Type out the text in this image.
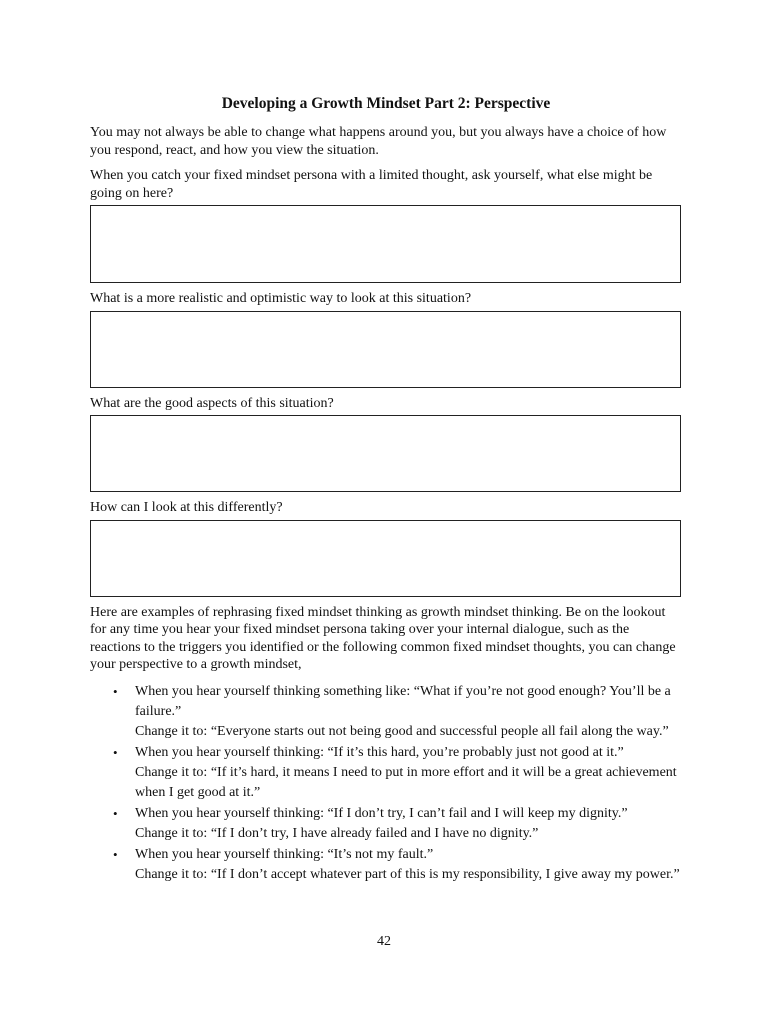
Developing a Growth Mindset Part 2: Perspective

You may not always be able to change what happens around you, but you always have a choice of how you respond, react, and how you view the situation.

When you catch your fixed mindset persona with a limited thought, ask yourself, what else might be going on here?

What is a more realistic and optimistic way to look at this situation?

What are the good aspects of this situation?

How can I look at this differently?

Here are examples of rephrasing fixed mindset thinking as growth mindset thinking. Be on the lookout for any time you hear your fixed mindset persona taking over your internal dialogue, such as the reactions to the triggers you identified or the following common fixed mindset thoughts, you can change your perspective to a growth mindset,

• When you hear yourself thinking something like: “What if you’re not good enough? You’ll be a failure.”
Change it to: “Everyone starts out not being good and successful people all fail along the way.”
• When you hear yourself thinking: “If it’s this hard, you’re probably just not good at it.”
Change it to: “If it’s hard, it means I need to put in more effort and it will be a great achievement when I get good at it.”
• When you hear yourself thinking: “If I don’t try, I can’t fail and I will keep my dignity.”
Change it to: “If I don’t try, I have already failed and I have no dignity.”
• When you hear yourself thinking: “It’s not my fault.”
Change it to: “If I don’t accept whatever part of this is my responsibility, I give away my power.”
42
